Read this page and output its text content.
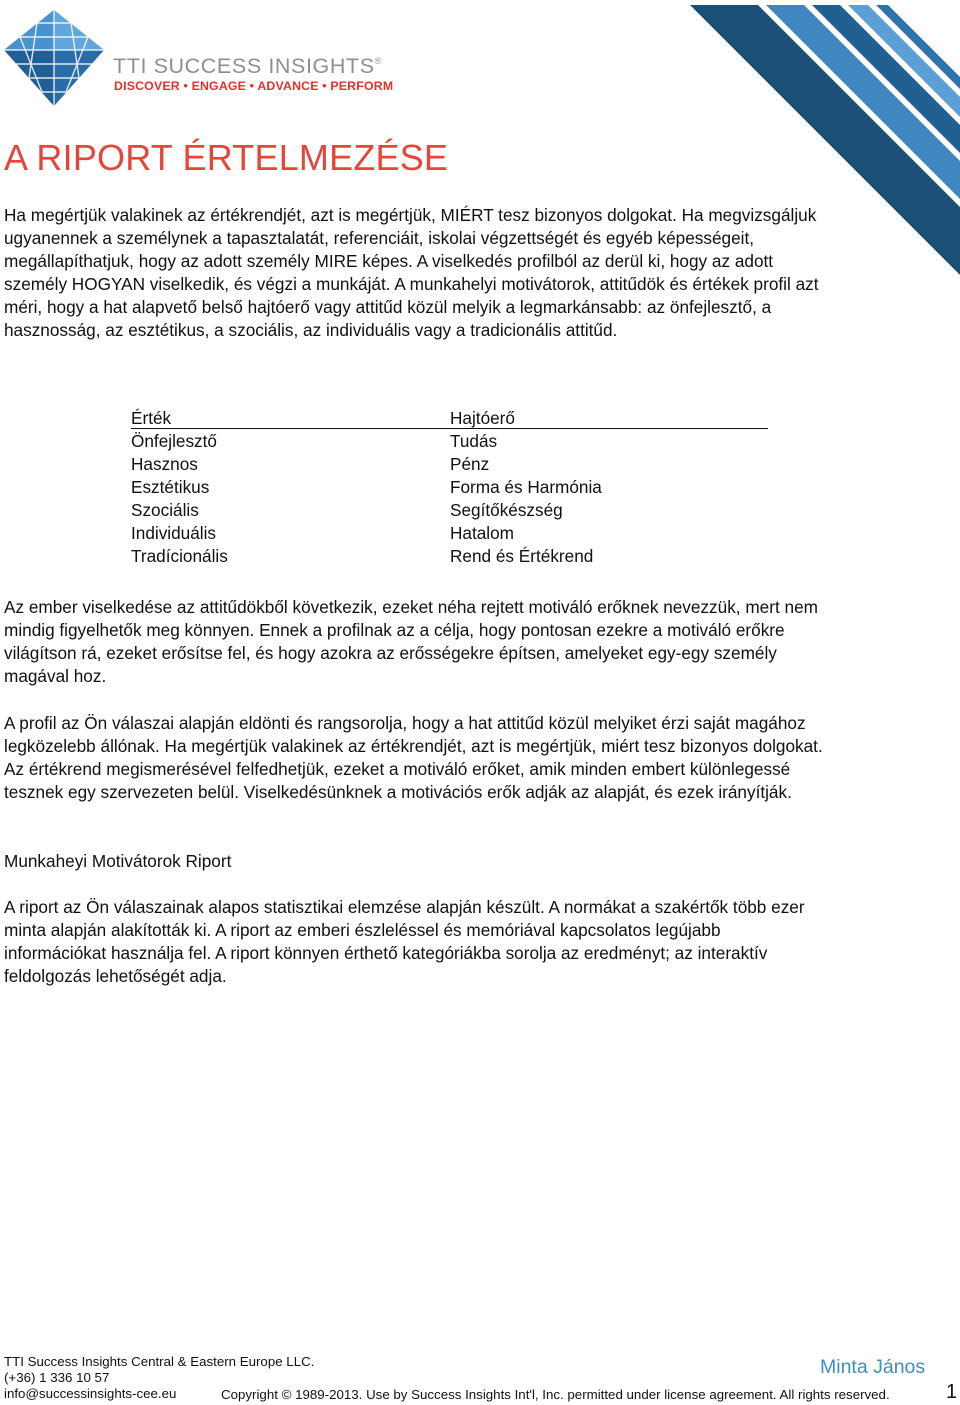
TTI SUCCESS INSIGHTS®
DISCOVER • ENGAGE • ADVANCE • PERFORM
A RIPORT ÉRTELMEZÉSE

Ha megértjük valakinek az értékrendjét, azt is megértjük, MIÉRT tesz bizonyos dolgokat. Ha megvizsgáljuk ugyanennek a személynek a tapasztalatát, referenciáit, iskolai végzettségét és egyéb képességeit, megállapíthatjuk, hogy az adott személy MIRE képes. A viselkedés profilból az derül ki, hogy az adott személy HOGYAN viselkedik, és végzi a munkáját. A munkahelyi motivátorok, attitűdök és értékek profil azt méri, hogy a hat alapvető belső hajtóerő vagy attitűd közül melyik a legmarkánsabb: az önfejlesztő, a hasznosság, az esztétikus, a szociális, az individuális vagy a tradicionális attitűd.

Érték	Hajtóerő
Önfejlesztő	Tudás
Hasznos	Pénz
Esztétikus	Forma és Harmónia
Szociális	Segítőkészség
Individuális	Hatalom
Tradícionális	Rend és Értékrend

Az ember viselkedése az attitűdökből következik, ezeket néha rejtett motiváló erőknek nevezzük, mert nem mindig figyelhetők meg könnyen. Ennek a profilnak az a célja, hogy pontosan ezekre a motiváló erőkre világítson rá, ezeket erősítse fel, és hogy azokra az erősségekre építsen, amelyeket egy-egy személy magával hoz.

A profil az Ön válaszai alapján eldönti és rangsorolja, hogy a hat attitűd közül melyiket érzi saját magához legközelebb állónak. Ha megértjük valakinek az értékrendjét, azt is megértjük, miért tesz bizonyos dolgokat. Az értékrend megismerésével felfedhetjük, ezeket a motiváló erőket, amik minden embert különlegessé tesznek egy szervezeten belül. Viselkedésünknek a motivációs erők adják az alapját, és ezek irányítják.

Munkaheyi Motivátorok Riport

A riport az Ön válaszainak alapos statisztikai elemzése alapján készült. A normákat a szakértők több ezer minta alapján alakították ki. A riport az emberi észleléssel és memóriával kapcsolatos legújabb információkat használja fel. A riport könnyen érthető kategóriákba sorolja az eredményt; az interaktív feldolgozás lehetőségét adja.

TTI Success Insights Central & Eastern Europe LLC.
(+36) 1 336 10 57
info@successinsights-cee.eu
Minta János
Copyright © 1989-2013. Use by Success Insights Int'l, Inc. permitted under license agreement. All rights reserved.	1
